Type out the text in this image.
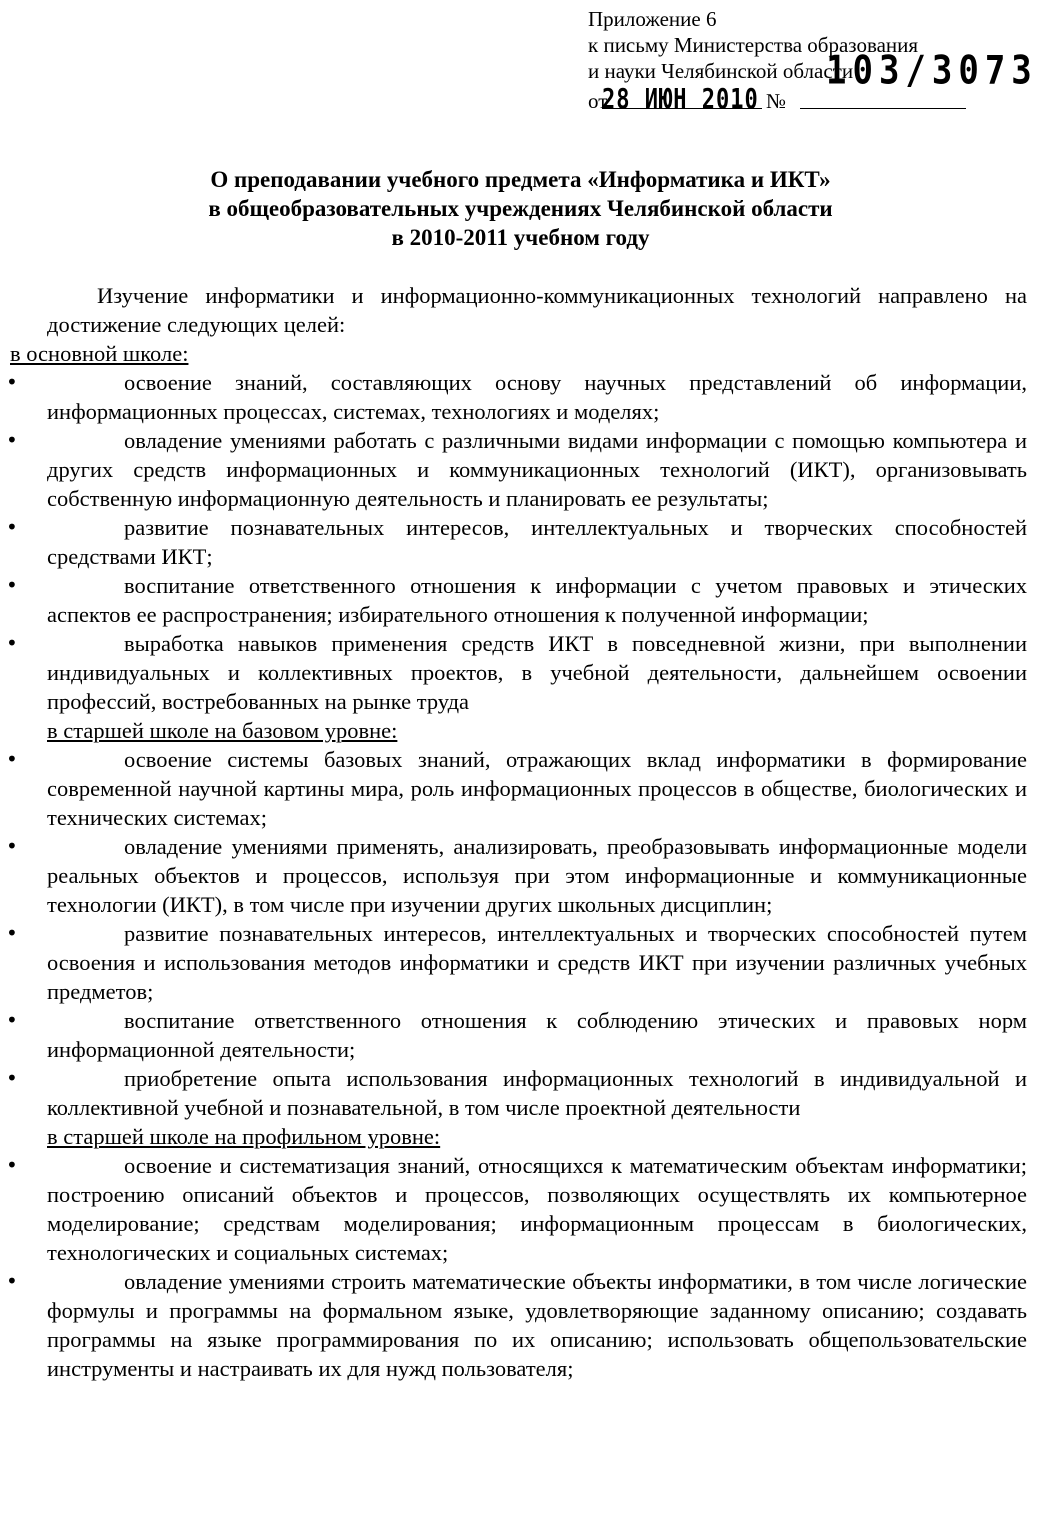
Приложение 6
к письму Министерства образования
и науки Челябинской области
от
28 ИЮН 2010 №
103/3073
О преподавании учебного предмета «Информатика и ИКТ»
в общеобразовательных учреждениях Челябинской области
в 2010-2011 учебном году
Изучение информатики и информационно-коммуникационных технологий направлено на достижение следующих целей:
в основной школе:
•	освоение знаний, составляющих основу научных представлений об информации, информационных процессах, системах, технологиях и моделях;
•	овладение умениями работать с различными видами информации с помощью компьютера и других средств информационных и коммуникационных технологий (ИКТ), организовывать собственную информационную деятельность и планировать ее результаты;
•	развитие познавательных интересов, интеллектуальных и творческих способностей средствами ИКТ;
•	воспитание ответственного отношения к информации с учетом правовых и этических аспектов ее распространения; избирательного отношения к полученной информации;
•	выработка навыков применения средств ИКТ в повседневной жизни, при выполнении индивидуальных и коллективных проектов, в учебной деятельности, дальнейшем освоении профессий, востребованных на рынке труда
в старшей школе на базовом уровне:
•	освоение системы базовых знаний, отражающих вклад информатики в формирование современной научной картины мира, роль информационных процессов в обществе, биологических и технических системах;
•	овладение умениями применять, анализировать, преобразовывать информационные модели реальных объектов и процессов, используя при этом информационные и коммуникационные технологии (ИКТ), в том числе при изучении других школьных дисциплин;
•	развитие познавательных интересов, интеллектуальных и творческих способностей путем освоения и использования методов информатики и средств ИКТ при изучении различных учебных предметов;
•	воспитание ответственного отношения к соблюдению этических и правовых норм информационной деятельности;
•	приобретение опыта использования информационных технологий в индивидуальной и коллективной учебной и познавательной, в том числе проектной деятельности
в старшей школе на профильном уровне:
•	освоение и систематизация знаний, относящихся к математическим объектам информатики; построению описаний объектов и процессов, позволяющих осуществлять их компьютерное моделирование; средствам моделирования; информационным процессам в биологических, технологических и социальных системах;
•	овладение умениями строить математические объекты информатики, в том числе логические формулы и программы на формальном языке, удовлетворяющие заданному описанию; создавать программы на языке программирования по их описанию; использовать общепользовательские инструменты и настраивать их для нужд пользователя;
